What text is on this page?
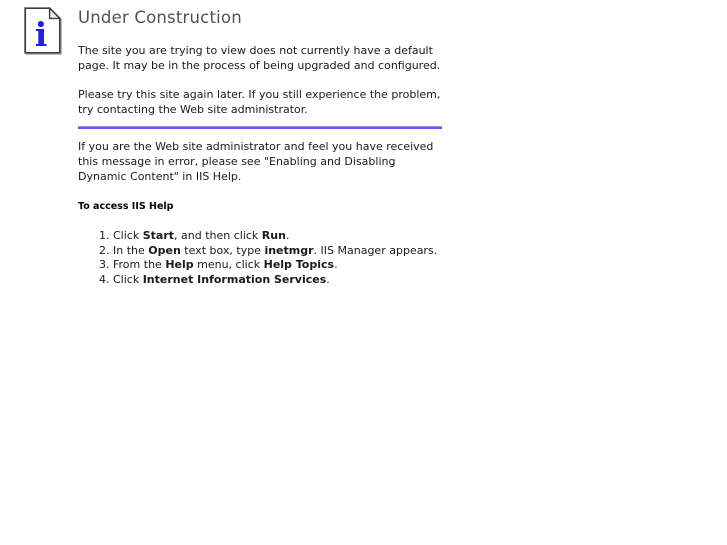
i Under Construction

The site you are trying to view does not currently have a default page. It may be in the process of being upgraded and configured.

Please try this site again later. If you still experience the problem, try contacting the Web site administrator.

If you are the Web site administrator and feel you have received this message in error, please see "Enabling and Disabling Dynamic Content" in IIS Help.

To access IIS Help

1. Click Start, and then click Run.
2. In the Open text box, type inetmgr. IIS Manager appears.
3. From the Help menu, click Help Topics.
4. Click Internet Information Services.
